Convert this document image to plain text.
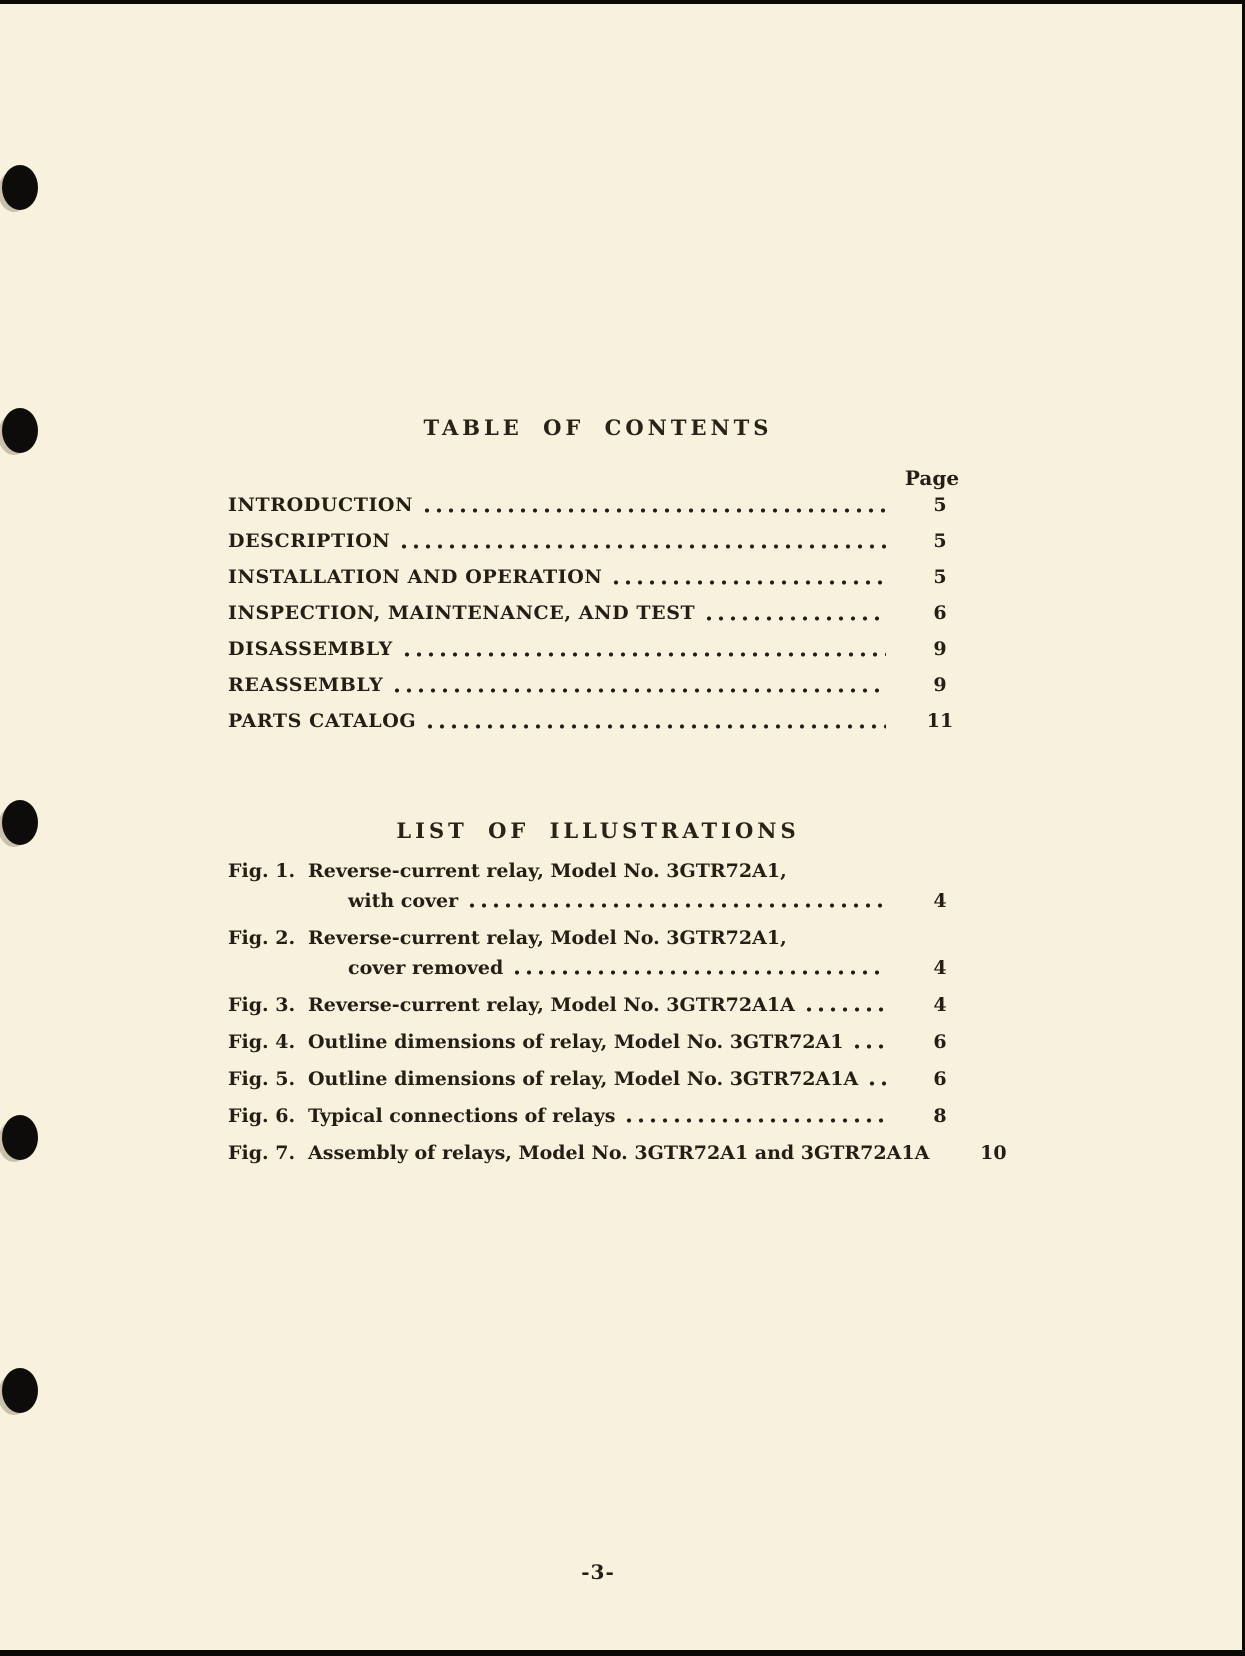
TABLE OF CONTENTS
Page
INTRODUCTION	5
DESCRIPTION	5
INSTALLATION AND OPERATION	5
INSPECTION, MAINTENANCE, AND TEST	6
DISASSEMBLY	9
REASSEMBLY	9
PARTS CATALOG	11
LIST OF ILLUSTRATIONS
Fig. 1. Reverse-current relay, Model No. 3GTR72A1,
with cover	4
Fig. 2. Reverse-current relay, Model No. 3GTR72A1,
cover removed	4
Fig. 3. Reverse-current relay, Model No. 3GTR72A1A	4
Fig. 4. Outline dimensions of relay, Model No. 3GTR72A1	6
Fig. 5. Outline dimensions of relay, Model No. 3GTR72A1A	6
Fig. 6. Typical connections of relays	8
Fig. 7. Assembly of relays, Model No. 3GTR72A1 and 3GTR72A1A	10
-3-
